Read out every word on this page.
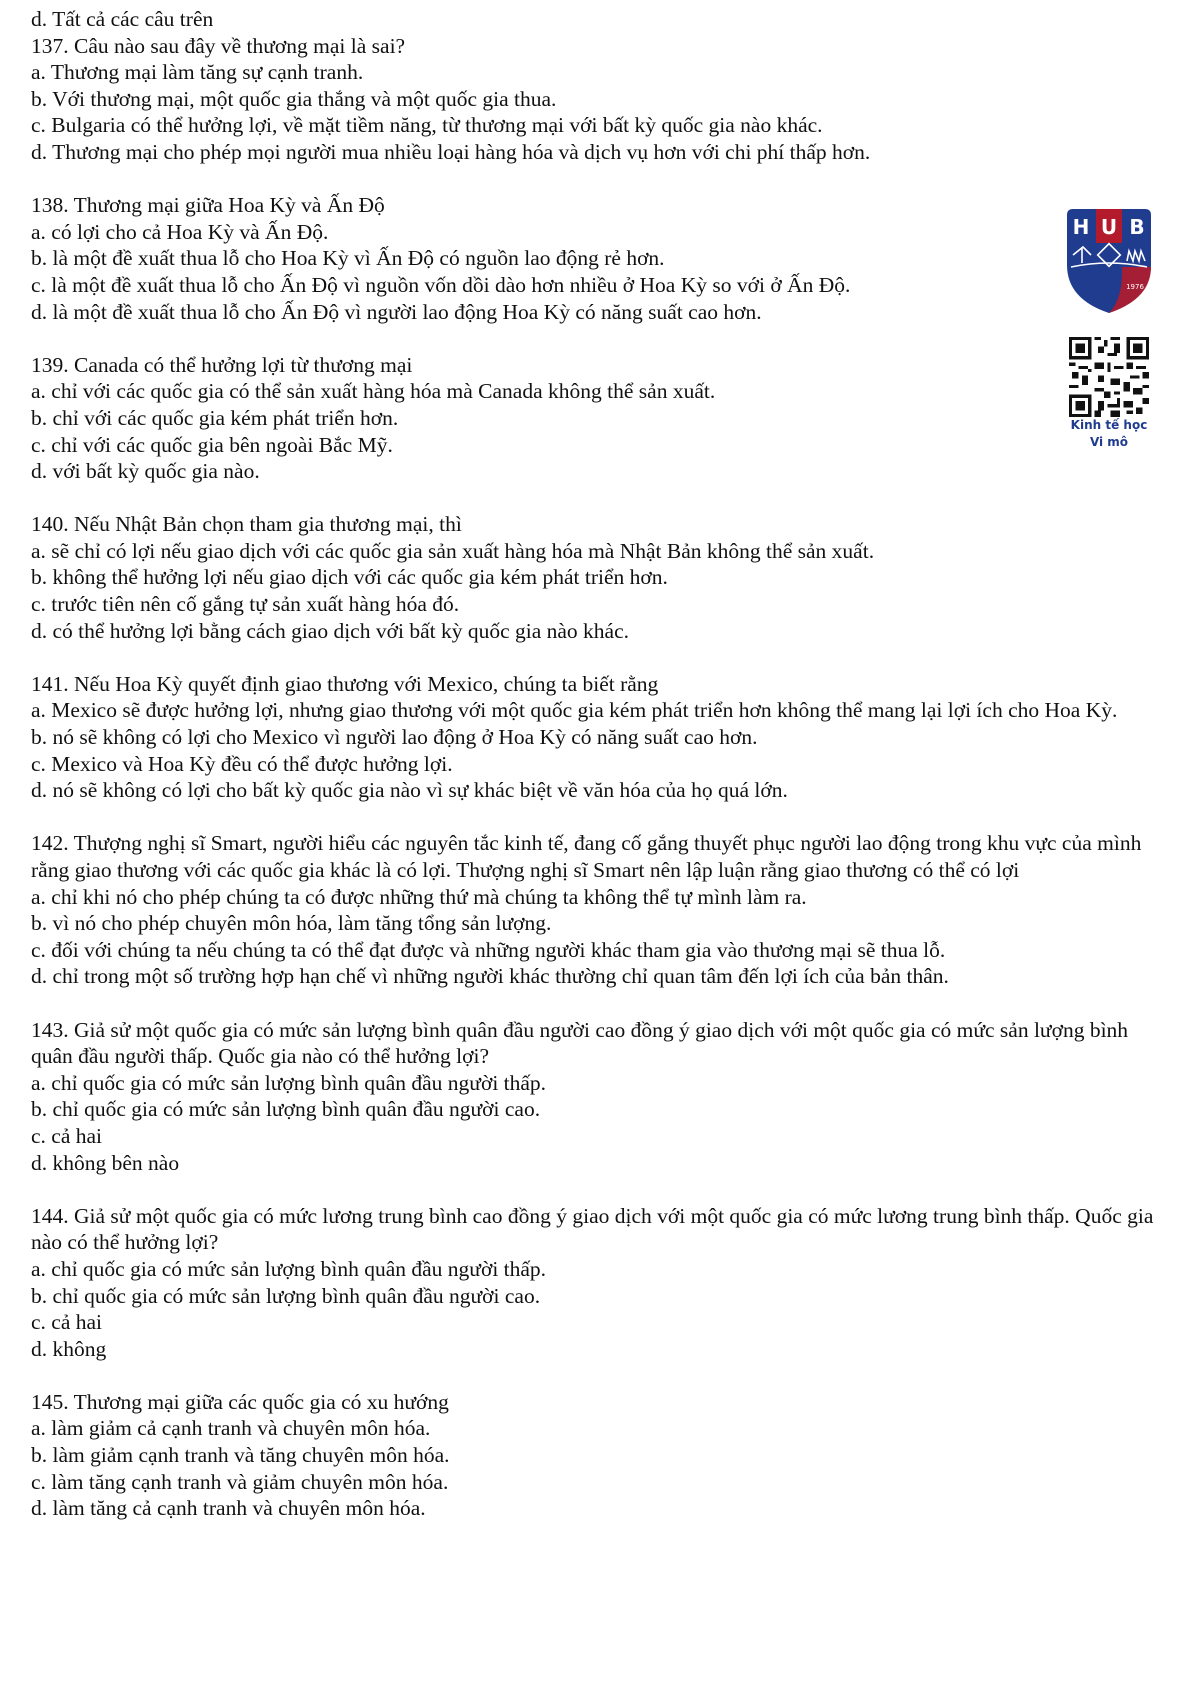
d. Tất cả các câu trên

137. Câu nào sau đây về thương mại là sai?

a. Thương mại làm tăng sự cạnh tranh.

b. Với thương mại, một quốc gia thắng và một quốc gia thua.

c. Bulgaria có thể hưởng lợi, về mặt tiềm năng, từ thương mại với bất kỳ quốc gia nào khác.

d. Thương mại cho phép mọi người mua nhiều loại hàng hóa và dịch vụ hơn với chi phí thấp hơn.

138. Thương mại giữa Hoa Kỳ và Ấn Độ

a. có lợi cho cả Hoa Kỳ và Ấn Độ.

b. là một đề xuất thua lỗ cho Hoa Kỳ vì Ấn Độ có nguồn lao động rẻ hơn.

c. là một đề xuất thua lỗ cho Ấn Độ vì nguồn vốn dồi dào hơn nhiều ở Hoa Kỳ so với ở Ấn Độ.

d. là một đề xuất thua lỗ cho Ấn Độ vì người lao động Hoa Kỳ có năng suất cao hơn.

139. Canada có thể hưởng lợi từ thương mại

a. chỉ với các quốc gia có thể sản xuất hàng hóa mà Canada không thể sản xuất.

b. chỉ với các quốc gia kém phát triển hơn.

c. chỉ với các quốc gia bên ngoài Bắc Mỹ.

d. với bất kỳ quốc gia nào.

140. Nếu Nhật Bản chọn tham gia thương mại, thì

a. sẽ chỉ có lợi nếu giao dịch với các quốc gia sản xuất hàng hóa mà Nhật Bản không thể sản xuất.

b. không thể hưởng lợi nếu giao dịch với các quốc gia kém phát triển hơn.

c. trước tiên nên cố gắng tự sản xuất hàng hóa đó.

d. có thể hưởng lợi bằng cách giao dịch với bất kỳ quốc gia nào khác.

141. Nếu Hoa Kỳ quyết định giao thương với Mexico, chúng ta biết rằng

a. Mexico sẽ được hưởng lợi, nhưng giao thương với một quốc gia kém phát triển hơn không thể mang lại lợi ích cho Hoa Kỳ.

b. nó sẽ không có lợi cho Mexico vì người lao động ở Hoa Kỳ có năng suất cao hơn.

c. Mexico và Hoa Kỳ đều có thể được hưởng lợi.

d. nó sẽ không có lợi cho bất kỳ quốc gia nào vì sự khác biệt về văn hóa của họ quá lớn.

142. Thượng nghị sĩ Smart, người hiểu các nguyên tắc kinh tế, đang cố gắng thuyết phục người lao động trong khu vực của mình rằng giao thương với các quốc gia khác là có lợi. Thượng nghị sĩ Smart nên lập luận rằng giao thương có thể có lợi

a. chỉ khi nó cho phép chúng ta có được những thứ mà chúng ta không thể tự mình làm ra.

b. vì nó cho phép chuyên môn hóa, làm tăng tổng sản lượng.

c. đối với chúng ta nếu chúng ta có thể đạt được và những người khác tham gia vào thương mại sẽ thua lỗ.

d. chỉ trong một số trường hợp hạn chế vì những người khác thường chỉ quan tâm đến lợi ích của bản thân.

143. Giả sử một quốc gia có mức sản lượng bình quân đầu người cao đồng ý giao dịch với một quốc gia có mức sản lượng bình quân đầu người thấp. Quốc gia nào có thể hưởng lợi?

a. chỉ quốc gia có mức sản lượng bình quân đầu người thấp.

b. chỉ quốc gia có mức sản lượng bình quân đầu người cao.

c. cả hai

d. không bên nào

144. Giả sử một quốc gia có mức lương trung bình cao đồng ý giao dịch với một quốc gia có mức lương trung bình thấp. Quốc gia nào có thể hưởng lợi?

a. chỉ quốc gia có mức sản lượng bình quân đầu người thấp.

b. chỉ quốc gia có mức sản lượng bình quân đầu người cao.

c. cả hai

d. không

145. Thương mại giữa các quốc gia có xu hướng

a. làm giảm cả cạnh tranh và chuyên môn hóa.

b. làm giảm cạnh tranh và tăng chuyên môn hóa.

c. làm tăng cạnh tranh và giảm chuyên môn hóa.

d. làm tăng cả cạnh tranh và chuyên môn hóa.

H U B
1976
Kinh tế học
Vi mô
